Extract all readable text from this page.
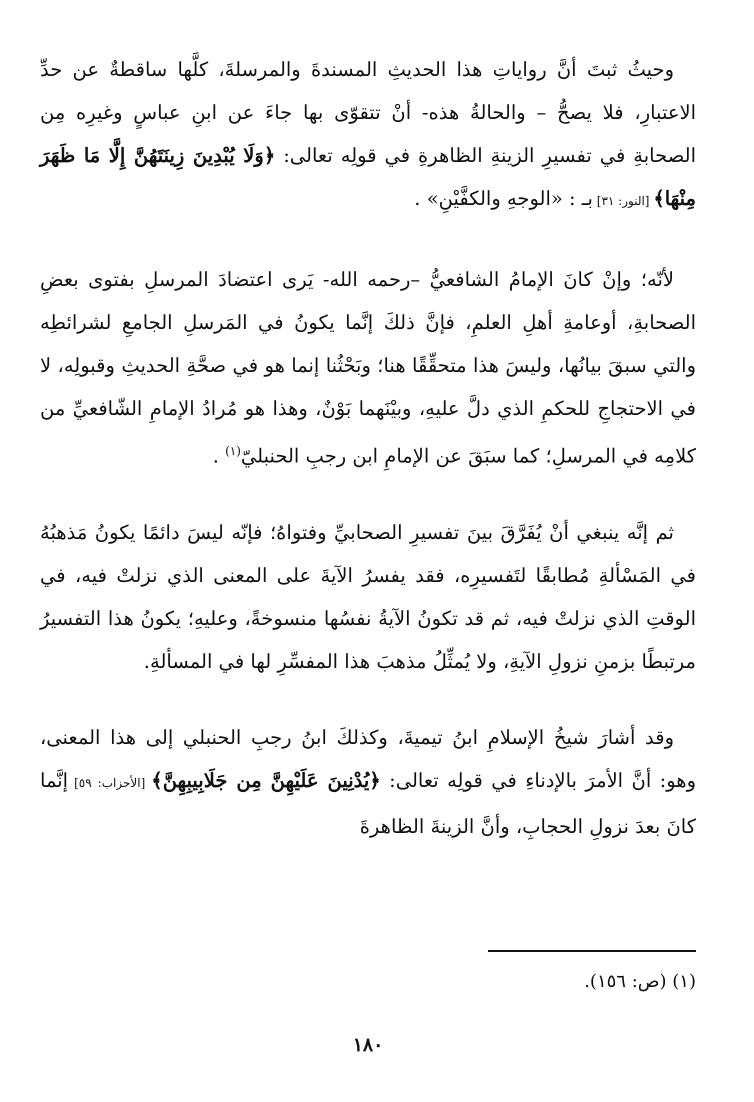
وحيثُ ثبتَ أنَّ رواياتِ هذا الحديثِ المسندةَ والمرسلةَ، كلَّها ساقطةٌ عن حدِّ الاعتبارِ، فلا يصحُّ – والحالةُ هذه- أنْ تتقوّى بها جاءَ عن ابنِ عباسٍ وغيرِه مِن الصحابةِ في تفسيرِ الزينةِ الظاهرةِ في قولِه تعالى: ﴿وَلَا يُبْدِينَ زِينَتَهُنَّ إِلَّا مَا ظَهَرَ مِنْهَا﴾ [النور: ٣١] بـ : «الوجهِ والكفَّيْنِ» .

لأنّه؛ وإنْ كانَ الإمامُ الشافعيُّ –رحمه الله- يَرى اعتضادَ المرسلِ بفتوى بعضِ الصحابةِ، أوعامةِ أهلِ العلمِ، فإنَّ ذلكَ إنَّما يكونُ في المَرسلِ الجامعِ لشرائطِه والتي سبقَ بيانُها، وليسَ هذا متحقِّقًا هنا؛ وبَحْثُنا إنما هو في صحَّةِ الحديثِ وقبولِه، لا في الاحتجاجِ للحكمِ الذي دلَّ عليهِ، وبيْنَهما بَوْنٌ، وهذا هو مُرادُ الإمامِ الشّافعيِّ من كلامِه في المرسلِ؛ كما سبَقَ عن الإمامِ ابن رجبِ الحنبليّ$^{(١)}$ .

ثم إنَّه ينبغي أنْ يُفَرَّقَ بينَ تفسيرِ الصحابيِّ وفتواهُ؛ فإنّه ليسَ دائمًا يكونُ مَذهبُهُ في المَسْألةِ مُطابقًا لتَفسيرِه، فقد يفسرُ الآيةَ على المعنى الذي نزلتْ فيه، في الوقتِ الذي نزلتْ فيه، ثم قد تكونُ الآيةُ نفسُها منسوخةً، وعليهِ؛ يكونُ هذا التفسيرُ مرتبطًا بزمنِ نزولِ الآيةِ، ولا يُمثِّلُ مذهبَ هذا المفسِّرِ لها في المسألةِ.

وقد أشارَ شيخُ الإسلامِ ابنُ تيميةَ، وكذلكَ ابنُ رجبِ الحنبلي إلى هذا المعنى، وهو: أنَّ الأمرَ بالإدناءِ في قولِه تعالى: ﴿يُدْنِينَ عَلَيْهِنَّ مِن جَلَابِيبِهِنَّ﴾ [الأحزاب: ٥٩] إنَّما كانَ بعدَ نزولِ الحجابِ، وأنَّ الزينةَ الظاهرةَ

(١) (ص: ١٥٦).
١٨٠
